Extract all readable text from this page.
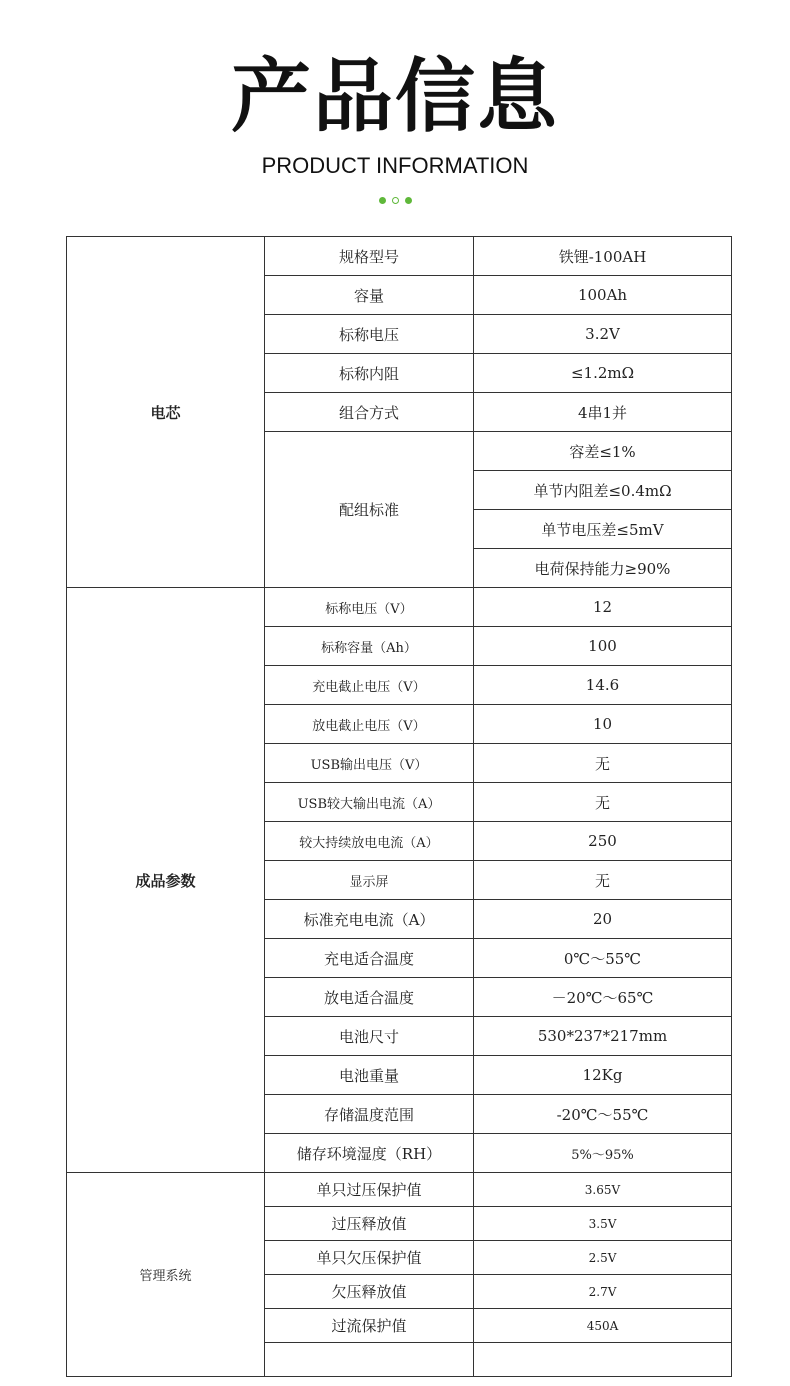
产品信息
PRODUCT INFORMATION

电芯	规格型号	铁锂-100AH
	容量	100Ah
	标称电压	3.2V
	标称内阻	≤1.2mΩ
	组合方式	4串1并
	配组标准	容差≤1%
		单节内阻差≤0.4mΩ
		单节电压差≤5mV
		电荷保持能力≥90%
成品参数	标称电压（V）	12
	标称容量（Ah）	100
	充电截止电压（V）	14.6
	放电截止电压（V）	10
	USB输出电压（V）	无
	USB较大输出电流（A）	无
	较大持续放电电流（A）	250
	显示屏	无
	标准充电电流（A）	20
	充电适合温度	0℃～55℃
	放电适合温度	－20℃～65℃
	电池尺寸	530*237*217mm
	电池重量	12Kg
	存储温度范围	-20℃～55℃
	储存环境湿度（RH）	5%～95%
管理系统	单只过压保护值	3.65V
	过压释放值	3.5V
	单只欠压保护值	2.5V
	欠压释放值	2.7V
	过流保护值	450A
